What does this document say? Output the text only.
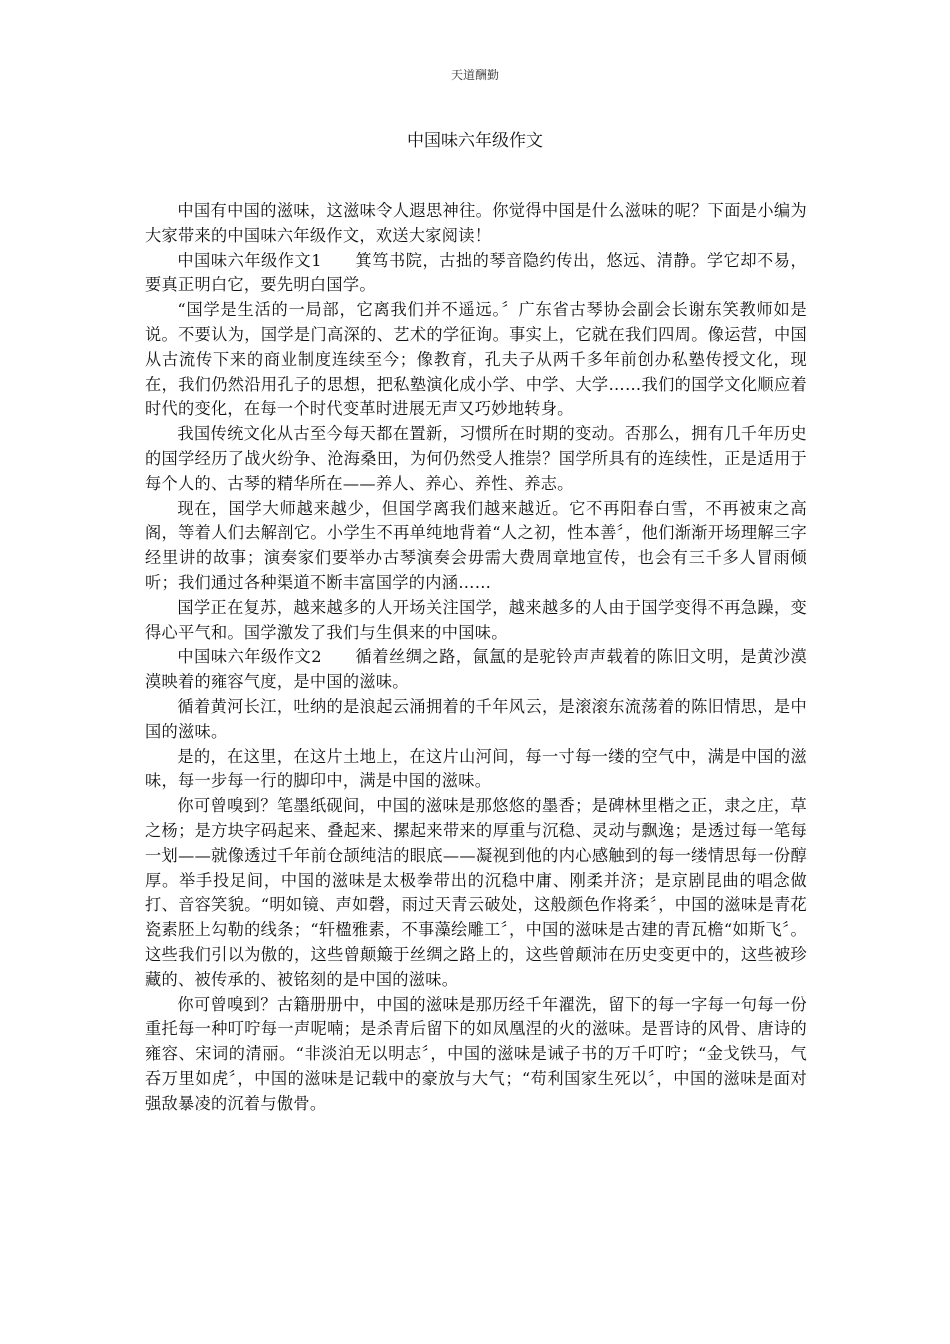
天道酬勤
中国味六年级作文

中国有中国的滋味，这滋味令人遐思神往。你觉得中国是什么滋味的呢？下面是小编为大家带来的中国味六年级作文，欢送大家阅读！

中国味六年级作文1　　箕笃书院，古拙的琴音隐约传出，悠远、清静。学它却不易，要真正明白它，要先明白国学。

“国学是生活的一局部，它离我们并不遥远。〞广东省古琴协会副会长谢东笑教师如是说。不要认为，国学是门高深的、艺术的学征询。事实上，它就在我们四周。像运营，中国从古流传下来的商业制度连续至今；像教育，孔夫子从两千多年前创办私塾传授文化，现在，我们仍然沿用孔子的思想，把私塾演化成小学、中学、大学……我们的国学文化顺应着时代的变化，在每一个时代变革时进展无声又巧妙地转身。

我国传统文化从古至今每天都在置新，习惯所在时期的变动。否那么，拥有几千年历史的国学经历了战火纷争、沧海桑田，为何仍然受人推崇？国学所具有的连续性，正是适用于每个人的、古琴的精华所在——养人、养心、养性、养志。

现在，国学大师越来越少，但国学离我们越来越近。它不再阳春白雪，不再被束之高阁，等着人们去解剖它。小学生不再单纯地背着“人之初，性本善〞，他们渐渐开场理解三字经里讲的故事；演奏家们要举办古琴演奏会毋需大费周章地宣传，也会有三千多人冒雨倾听；我们通过各种渠道不断丰富国学的内涵……

国学正在复苏，越来越多的人开场关注国学，越来越多的人由于国学变得不再急躁，变得心平气和。国学激发了我们与生俱来的中国味。

中国味六年级作文2　　循着丝绸之路，氤氲的是驼铃声声载着的陈旧文明，是黄沙漠漠映着的雍容气度，是中国的滋味。

循着黄河长江，吐纳的是浪起云涌拥着的千年风云，是滚滚东流荡着的陈旧情思，是中国的滋味。

是的，在这里，在这片土地上，在这片山河间，每一寸每一缕的空气中，满是中国的滋味，每一步每一行的脚印中，满是中国的滋味。

你可曾嗅到？笔墨纸砚间，中国的滋味是那悠悠的墨香；是碑林里楷之正，隶之庄，草之杨；是方块字码起来、叠起来、摞起来带来的厚重与沉稳、灵动与飘逸；是透过每一笔每一划——就像透过千年前仓颉纯洁的眼底——凝视到他的内心感触到的每一缕情思每一份醇厚。举手投足间，中国的滋味是太极拳带出的沉稳中庸、刚柔并济；是京剧昆曲的唱念做打、音容笑貌。“明如镜、声如磬，雨过天青云破处，这般颜色作将柔〞，中国的滋味是青花瓷素胚上勾勒的线条；“轩楹雅素，不事藻绘雕工〞，中国的滋味是古建的青瓦檐“如斯飞〞。这些我们引以为傲的，这些曾颠簸于丝绸之路上的，这些曾颠沛在历史变更中的，这些被珍藏的、被传承的、被铭刻的是中国的滋味。

你可曾嗅到？古籍册册中，中国的滋味是那历经千年濯洗，留下的每一字每一句每一份重托每一种叮咛每一声呢喃；是杀青后留下的如凤凰涅的火的滋味。是晋诗的风骨、唐诗的雍容、宋词的清丽。“非淡泊无以明志〞，中国的滋味是诫子书的万千叮咛；“金戈铁马，气吞万里如虎〞，中国的滋味是记载中的豪放与大气；“苟利国家生死以〞，中国的滋味是面对强敌暴凌的沉着与傲骨。
